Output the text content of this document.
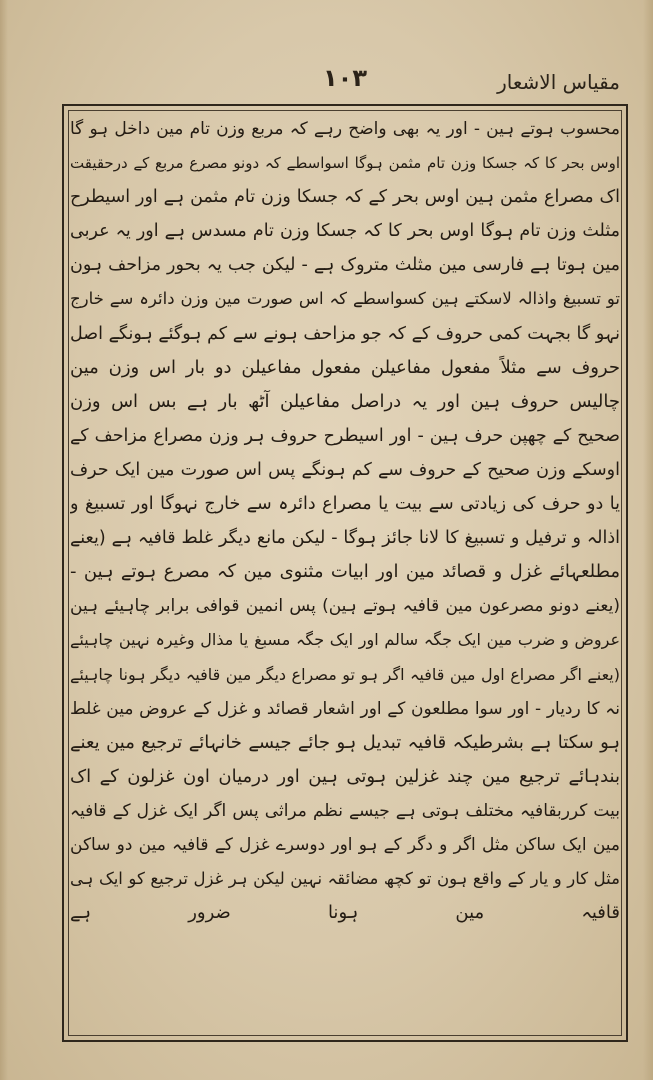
مقیاس الاشعار
۱۰۳
محسوب ہوتے ہین - اور یہ بھی واضح رہے کہ مربع وزن تام مین داخل ہو گا
اوس بحر کا کہ جسکا وزن تام مثمن ہوگا اسواسطے کہ دونو مصرع مربع کے درحقیقت
اک مصراع مثمن ہین اوس بحر کے کہ جسکا وزن تام مثمن ہے اور اسیطرح
مثلث وزن تام ہوگا اوس بحر کا کہ جسکا وزن تام مسدس ہے اور یہ عربی
مین ہوتا ہے فارسی مین مثلث متروک ہے - لیکن جب یہ بحور مزاحف ہون
تو تسبیغ واذالہ لاسکتے ہین کسواسطے کہ اس صورت مین وزن دائرہ سے خارج
نہو گا بجہت کمی حروف کے کہ جو مزاحف ہونے سے کم ہوگئے ہونگے اصل
حروف سے مثلاً مفعول مفاعیلن مفعول مفاعیلن دو بار اس وزن مین
چالیس حروف ہین اور یہ دراصل مفاعیلن آٹھ بار ہے بس اس وزن
صحیح کے چھپن حرف ہین - اور اسیطرح حروف ہر وزن مصراع مزاحف کے
اوسکے وزن صحیح کے حروف سے کم ہونگے پس اس صورت مین ایک حرف
یا دو حرف کی زیادتی سے بیت یا مصراع دائرہ سے خارج نہوگا اور تسبیغ و
اذالہ و ترفیل و تسبیغ کا لانا جائز ہوگا - لیکن مانع دیگر غلط قافیہ ہے (یعنے
مطلعہائے غزل و قصائد مین اور ابیات مثنوی مین کہ مصرع ہوتے ہین -
(یعنے دونو مصرعون مین قافیہ ہوتے ہین) پس انمین قوافی برابر چاہیئے ہین
عروض و ضرب مین ایک جگہ سالم اور ایک جگہ مسبغ یا مذال وغیرہ نہین چاہیئے
(یعنے اگر مصراع اول مین قافیہ اگر ہو تو مصراع دیگر مین قافیہ دیگر ہونا چاہیئے
نہ کا ردیار - اور سوا مطلعون کے اور اشعار قصائد و غزل کے عروض مین غلط
ہو سکتا ہے بشرطیکہ قافیہ تبدیل ہو جائے جیسے خانہائے ترجیع مین یعنے
بندہائے ترجیع مین چند غزلین ہوتی ہین اور درمیان اون غزلون کے اک
بیت کرربقافیہ مختلف ہوتی ہے جیسے نظم مراثی پس اگر ایک غزل کے قافیہ
مین ایک ساکن مثل اگر و دگر کے ہو اور دوسرے غزل کے قافیہ مین دو ساکن
مثل کار و یار کے واقع ہون تو کچھ مضائقہ نہین لیکن ہر غزل ترجیع کو ایک ہی
قافیہ مین ہونا ضرور ہے
